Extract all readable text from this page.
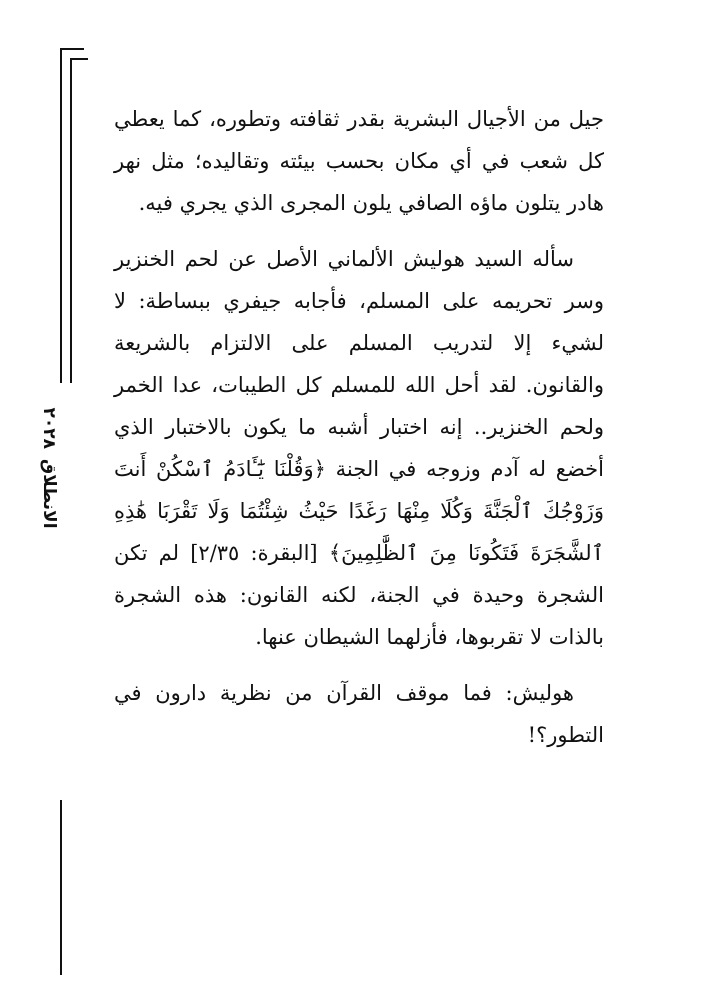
الانطلاق٢٠٢٨

جيل من الأجيال البشرية بقدر ثقافته وتطوره، كما يعطي كل شعب في أي مكان بحسب بيئته وتقاليده؛ مثل نهر هادر يتلون ماؤه الصافي يلون المجرى الذي يجري فيه.

سأله السيد هوليش الألماني الأصل عن لحم الخنزير وسر تحريمه على المسلم، فأجابه جيفري ببساطة: لا لشيء إلا لتدريب المسلم على الالتزام بالشريعة والقانون. لقد أحل الله للمسلم كل الطيبات، عدا الخمر ولحم الخنزير.. إنه اختبار أشبه ما يكون بالاختبار الذي أخضع له آدم وزوجه في الجنة ﴿وَقُلْنَا يَٰٓـَٔادَمُ ٱسْكُنْ أَنتَ وَزَوْجُكَ ٱلْجَنَّةَ وَكُلَا مِنْهَا رَغَدًا حَيْثُ شِئْتُمَا وَلَا تَقْرَبَا هَٰذِهِ ٱلشَّجَرَةَ فَتَكُونَا مِنَ ٱلظَّٰلِمِينَ﴾ [البقرة: ٢/٣٥] لم تكن الشجرة وحيدة في الجنة، لكنه القانون: هذه الشجرة بالذات لا تقربوها، فأزلهما الشيطان عنها.

هوليش: فما موقف القرآن من نظرية دارون في التطور؟!
